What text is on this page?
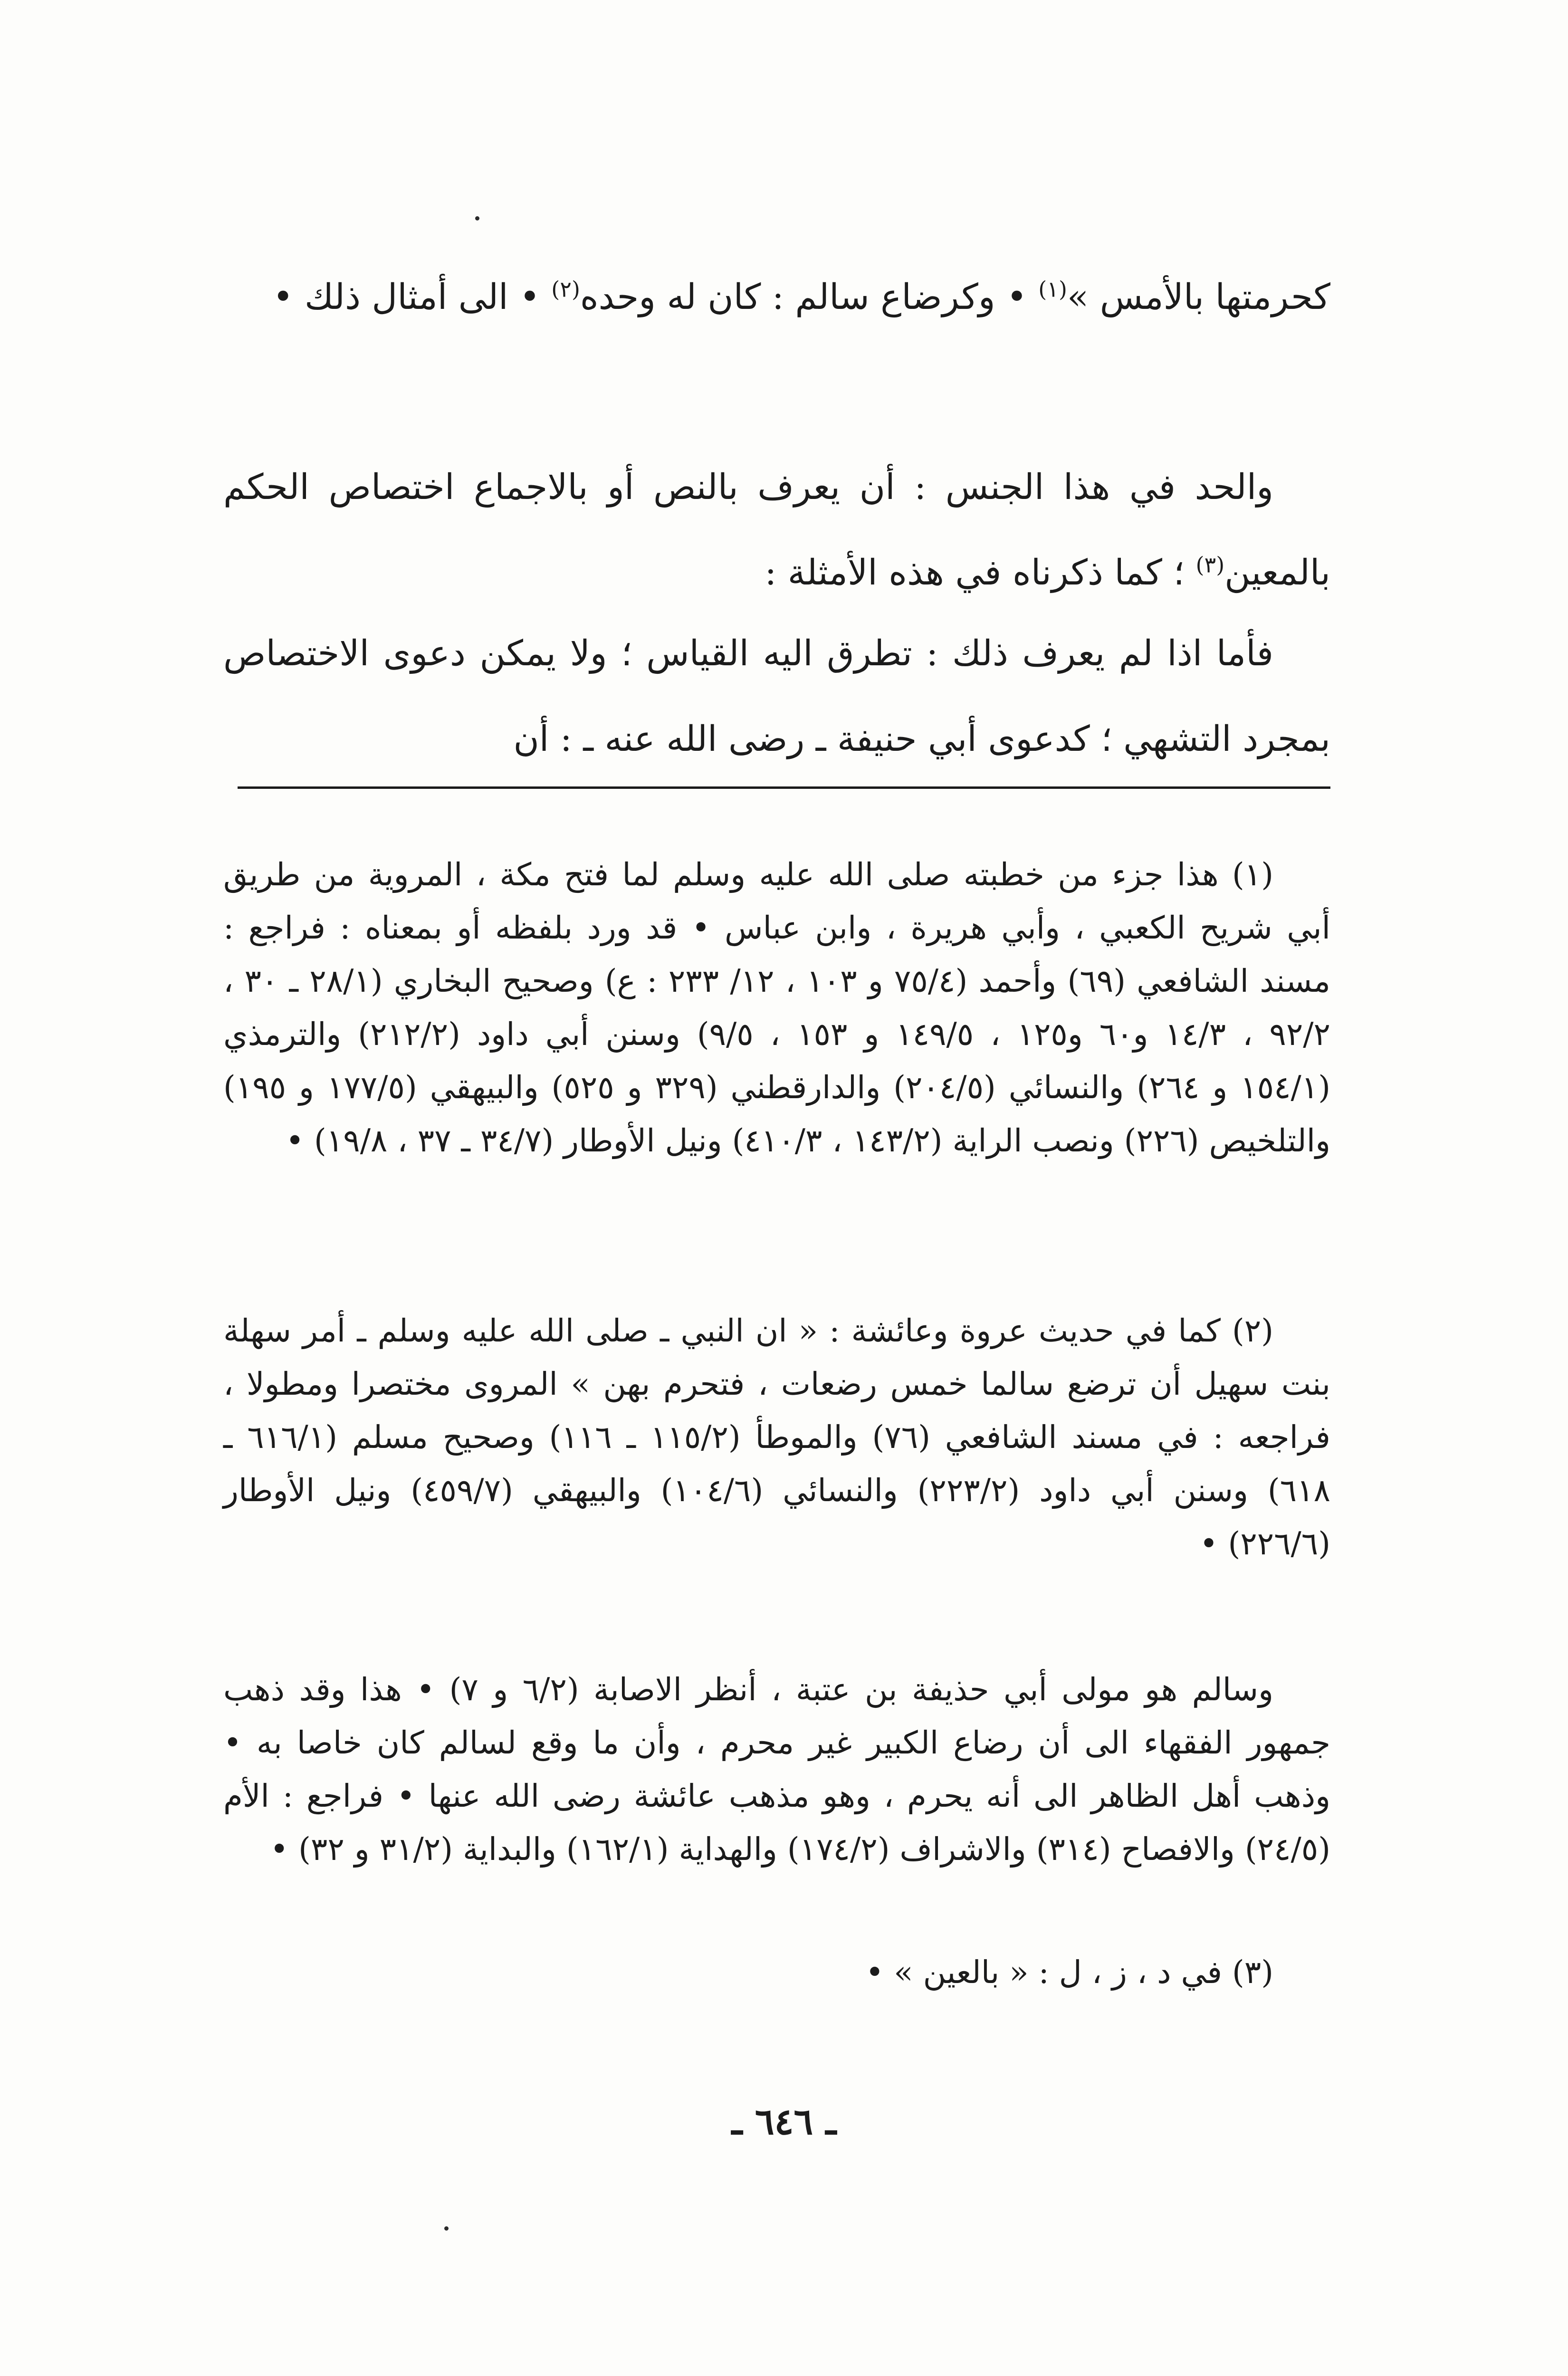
كحرمتها بالأمس »$^{(١)}$ • وكرضاع سالم : كان له وحده$^{(٢)}$ • الى أمثال ذلك •

والحد في هذا الجنس : أن يعرف بالنص أو بالاجماع اختصاص الحكم بالمعين$^{(٣)}$ ؛ كما ذكرناه في هذه الأمثلة :

فأما اذا لم يعرف ذلك : تطرق اليه القياس ؛ ولا يمكن دعوى الاختصاص بمجرد التشهي ؛ كدعوى أبي حنيفة ـ رضى الله عنه ـ : أن

(١) هذا جزء من خطبته صلى الله عليه وسلم لما فتح مكة ، المروية من طريق أبي شريح الكعبي ، وأبي هريرة ، وابن عباس • قد ورد بلفظه أو بمعناه : فراجع : مسند الشافعي (٦٩) وأحمد (٧٥/٤ و ١٠٣ ، ١٢/ ٢٣٣ : ع) وصحيح البخاري (٢٨/١ ـ ٣٠ ، ٩٢/٢ ، ١٤/٣ و٦٠ و١٢٥ ، ١٤٩/٥ و ١٥٣ ، ٩/٥) وسنن أبي داود (٢١٢/٢) والترمذي (١٥٤/١ و ٢٦٤) والنسائي (٢٠٤/٥) والدارقطني (٣٢٩ و ٥٢٥) والبيهقي (١٧٧/٥ و ١٩٥) والتلخيص (٢٢٦) ونصب الراية (١٤٣/٢ ، ٤١٠/٣) ونيل الأوطار (٣٤/٧ ـ ٣٧ ، ١٩/٨) •

(٢) كما في حديث عروة وعائشة : « ان النبي ـ صلى الله عليه وسلم ـ أمر سهلة بنت سهيل أن ترضع سالما خمس رضعات ، فتحرم بهن » المروى مختصرا ومطولا ، فراجعه : في مسند الشافعي (٧٦) والموطأ (١١٥/٢ ـ ١١٦) وصحيح مسلم (٦١٦/١ ـ ٦١٨) وسنن أبي داود (٢٢٣/٢) والنسائي (١٠٤/٦) والبيهقي (٤٥٩/٧) ونيل الأوطار (٢٢٦/٦) •

وسالم هو مولى أبي حذيفة بن عتبة ، أنظر الاصابة (٦/٢ و ٧) • هذا وقد ذهب جمهور الفقهاء الى أن رضاع الكبير غير محرم ، وأن ما وقع لسالم كان خاصا به • وذهب أهل الظاهر الى أنه يحرم ، وهو مذهب عائشة رضى الله عنها • فراجع : الأم (٢٤/٥) والافصاح (٣١٤) والاشراف (١٧٤/٢) والهداية (١٦٢/١) والبداية (٣١/٢ و ٣٢) •

(٣) في د ، ز ، ل : « بالعين » •

ـ ٦٤٦ ـ
